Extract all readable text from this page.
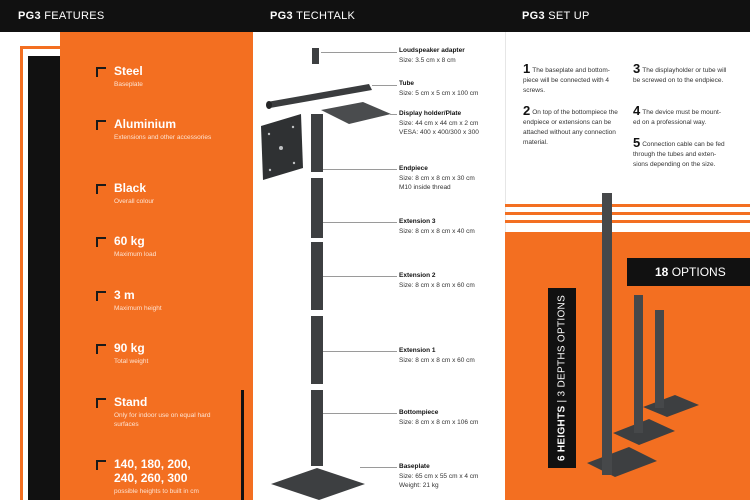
PG3 FEATURES	PG3 TECHTALK	PG3 SET UP
Steel
Baseplate
Aluminium
Extensions and other accessories
Black
Overall colour
60 kg
Maximum load
3 m
Maximum height
90 kg
Total weight
Stand
Only for indoor use on equal hard surfaces
140, 180, 200, 240, 260, 300
possible heights to built in cm
Loudspeaker adapter
Size: 3.5 cm x 8 cm
Tube
Size: 5 cm x 5 cm x 100 cm
Display holder/Plate
Size: 44 cm x 44 cm x 2 cm
VESA: 400 x 400/300 x 300
Endpiece
Size: 8 cm x 8 cm x 30 cm
M10 inside thread
Extension 3
Size: 8 cm x 8 cm x 40 cm
Extension 2
Size: 8 cm x 8 cm x 60 cm
Extension 1
Size: 8 cm x 8 cm x 60 cm
Bottompiece
Size: 8 cm x 8 cm x 106 cm
Baseplate
Size: 65 cm x 55 cm x 4 cm
Weight: 21 kg
1 The baseplate and bottom-piece will be connected with 4 screws.
2 On top of the bottompiece the endpiece or extensions can be attached without any connection material.
3 The displayholder or tube will be screwed on to the endpiece.
4 The device must be mount-ed on a professional way.
5 Connection cable can be fed through the tubes and exten-sions depending on the size.
18 OPTIONS
6 HEIGHTS | 3 DEPTHS OPTIONS
